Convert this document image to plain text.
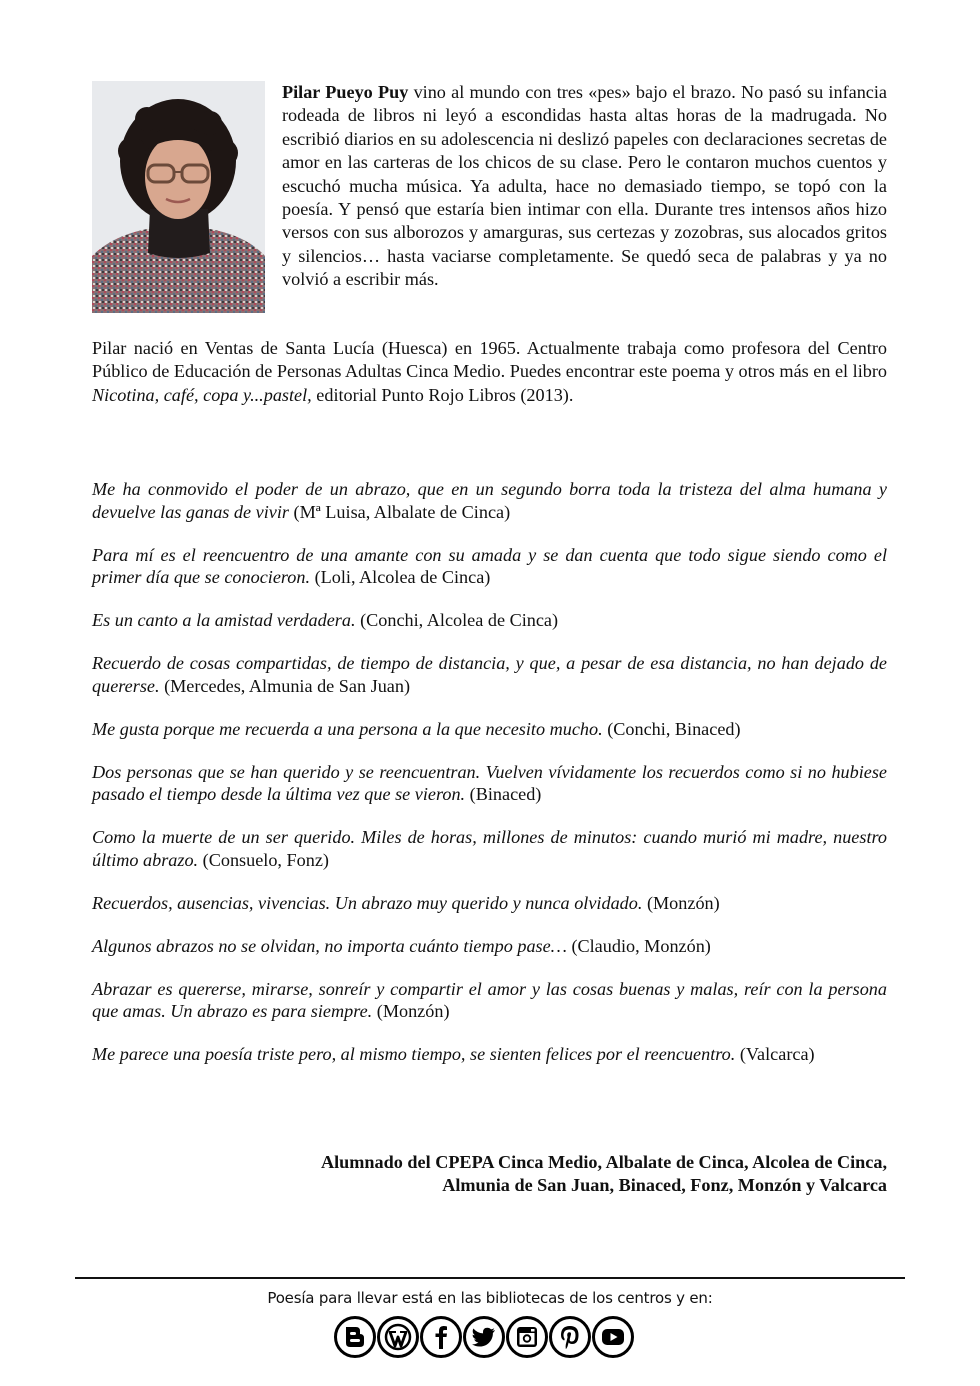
Pilar Pueyo Puy vino al mundo con tres «pes» bajo el brazo. No pasó su infancia rodeada de libros ni leyó a escondidas hasta altas horas de la madrugada. No escribió diarios en su adolescencia ni deslizó papeles con declaraciones secretas de amor en las carteras de los chicos de su clase. Pero le contaron muchos cuentos y escuchó mucha música. Ya adulta, hace no demasiado tiempo, se topó con la poesía. Y pensó que estaría bien intimar con ella. Durante tres intensos años hizo versos con sus alborozos y amarguras, sus certezas y zozobras, sus alocados gritos y silencios… hasta vaciarse completamente. Se quedó seca de palabras y ya no volvió a escribir más.

Pilar nació en Ventas de Santa Lucía (Huesca) en 1965. Actualmente trabaja como profesora del Centro Público de Educación de Personas Adultas Cinca Medio. Puedes encontrar este poema y otros más en el libro Nicotina, café, copa y...pastel, editorial Punto Rojo Libros (2013).

Me ha conmovido el poder de un abrazo, que en un segundo borra toda la tristeza del alma humana y devuelve las ganas de vivir (Mª Luisa, Albalate de Cinca)

Para mí es el reencuentro de una amante con su amada y se dan cuenta que todo sigue siendo como el primer día que se conocieron. (Loli, Alcolea de Cinca)

Es un canto a la amistad verdadera. (Conchi, Alcolea de Cinca)

Recuerdo de cosas compartidas, de tiempo de distancia, y que, a pesar de esa distancia, no han dejado de quererse. (Mercedes, Almunia de San Juan)

Me gusta porque me recuerda a una persona a la que necesito mucho. (Conchi, Binaced)

Dos personas que se han querido y se reencuentran. Vuelven vívidamente los recuerdos como si no hubiese pasado el tiempo desde la última vez que se vieron. (Binaced)

Como la muerte de un ser querido. Miles de horas, millones de minutos: cuando murió mi madre, nuestro último abrazo. (Consuelo, Fonz)

Recuerdos, ausencias, vivencias. Un abrazo muy querido y nunca olvidado. (Monzón)

Algunos abrazos no se olvidan, no importa cuánto tiempo pase… (Claudio, Monzón)

Abrazar es quererse, mirarse, sonreír y compartir el amor y las cosas buenas y malas, reír con la persona que amas. Un abrazo es para siempre. (Monzón)

Me parece una poesía triste pero, al mismo tiempo, se sienten felices por el reencuentro. (Valcarca)

Alumnado del CPEPA Cinca Medio, Albalate de Cinca, Alcolea de Cinca,
Almunia de San Juan, Binaced, Fonz, Monzón y Valcarca
Poesía para llevar está en las bibliotecas de los centros y en:
